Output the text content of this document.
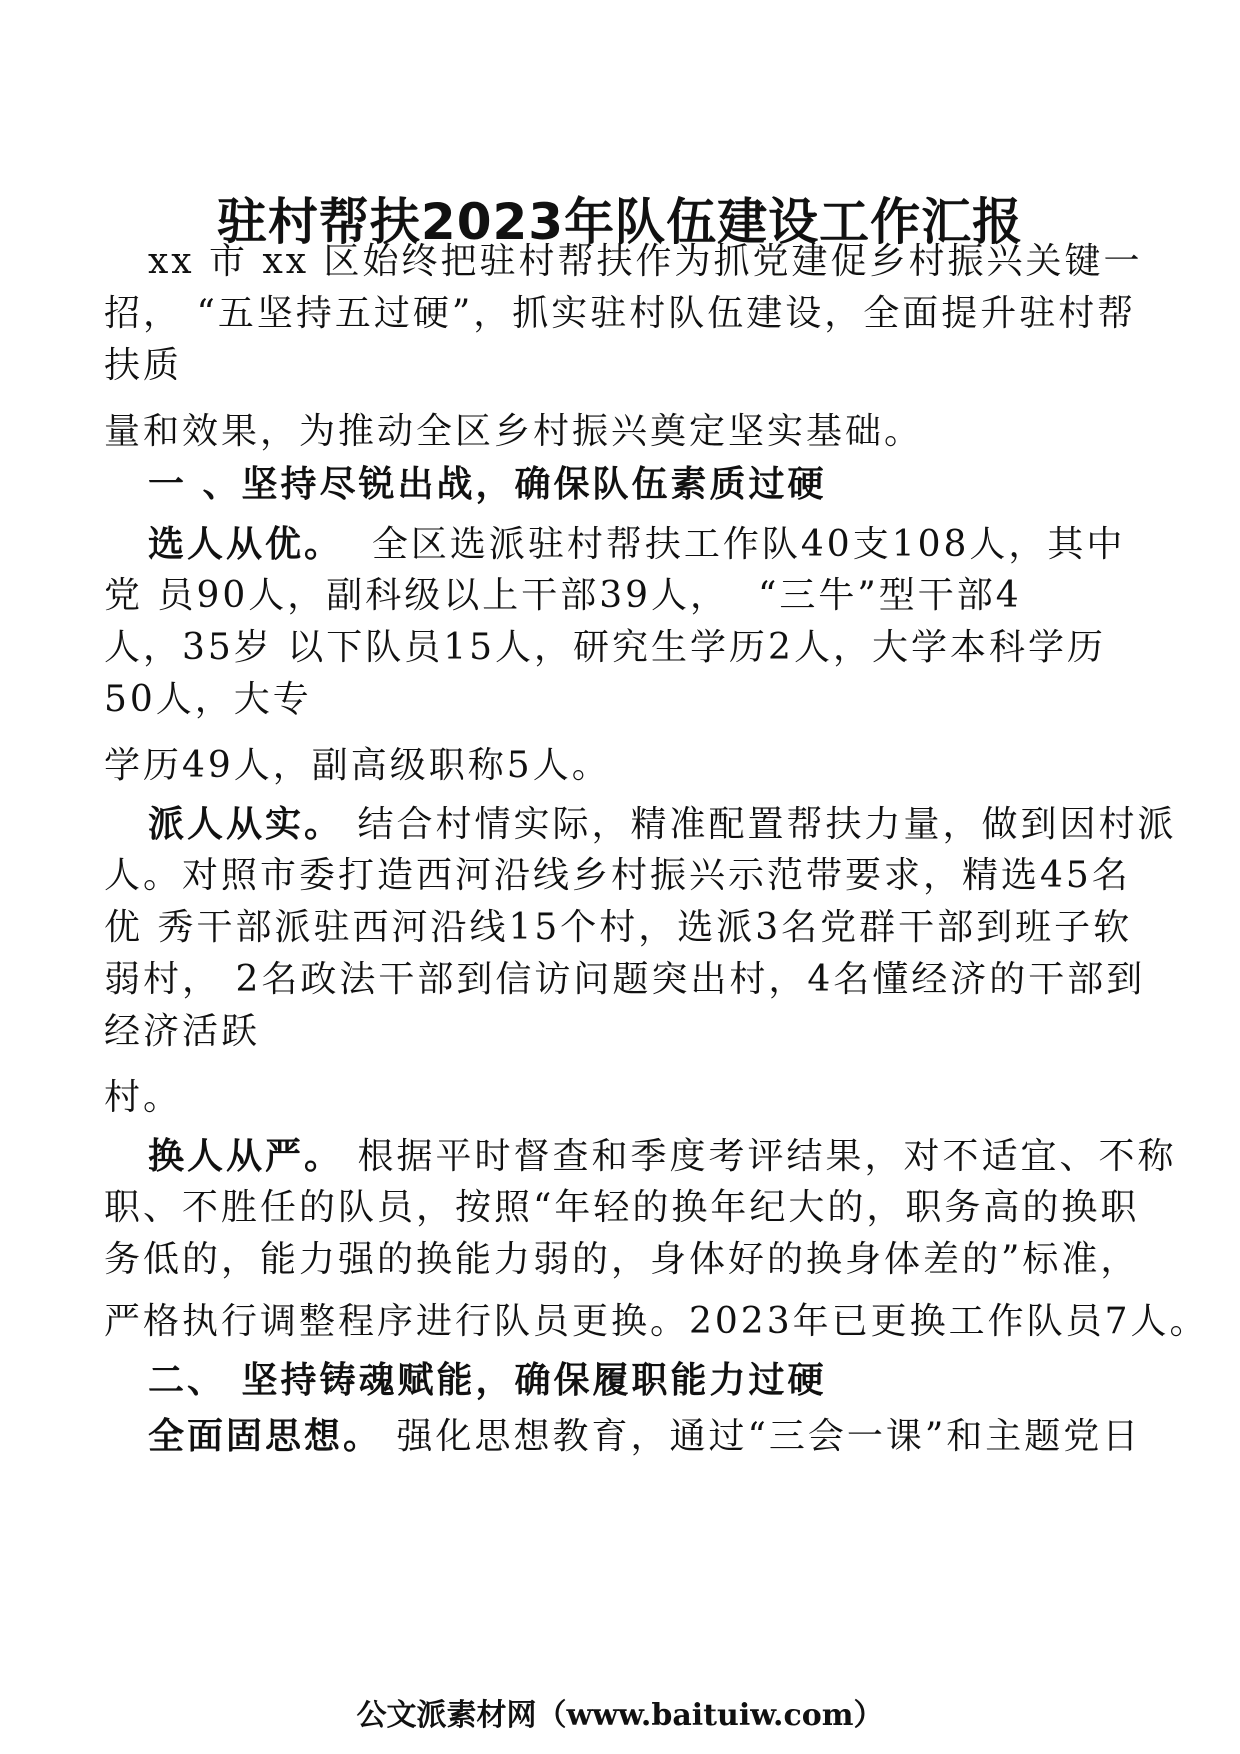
驻村帮扶2023年队伍建设工作汇报
xx 市 xx 区始终把驻村帮扶作为抓党建促乡村振兴关键一
招， “五坚持五过硬”，抓实驻村队伍建设，全面提升驻村帮
扶质
量和效果，为推动全区乡村振兴奠定坚实基础。
一 、坚持尽锐出战，确保队伍素质过硬
选人从优。  全区选派驻村帮扶工作队40支108人，其中
党 员90人，副科级以上干部39人，  “三牛”型干部4
人，35岁 以下队员15人，研究生学历2人，大学本科学历
50人，大专
学历49人，副高级职称5人。
派人从实。 结合村情实际，精准配置帮扶力量，做到因村派
人。对照市委打造西河沿线乡村振兴示范带要求，精选45名
优 秀干部派驻西河沿线15个村，选派3名党群干部到班子软
弱村， 2名政法干部到信访问题突出村，4名懂经济的干部到
经济活跃
村。
换人从严。 根据平时督查和季度考评结果，对不适宜、不称
职、不胜任的队员，按照“年轻的换年纪大的，职务高的换职
务低的，能力强的换能力弱的，身体好的换身体差的”标准，
严格执行调整程序进行队员更换。2023年已更换工作队员7人。
二、 坚持铸魂赋能，确保履职能力过硬
全面固思想。 强化思想教育，通过“三会一课”和主题党日
公文派素材网（www.baituiw.com）
